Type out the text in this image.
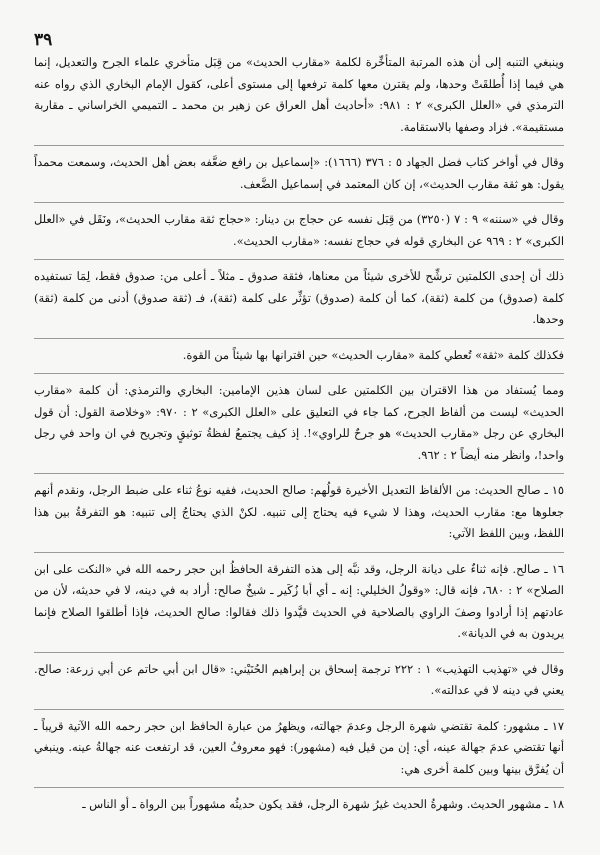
٣٩

وينبغي التنبه إلى أن هذه المرتبة المتأخِّرة لكلمة «مقارب الحديث» من قِبَل متأخري علماء الجرح والتعديل، إنما هي فيما إذا أُطلقَتْ وحدها، ولم يقترن معها كلمة ترفعها إلى مستوى أعلى، كقول الإمام البخاري الذي رواه عنه الترمذي في «العلل الكبرى» ٢ : ٩٨١: «أحاديث أهل العراق عن زهير بن محمد ـ التميمي الخراساني ـ مقاربة مستقيمة». فزاد وصفها بالاستقامة.

وقال في أواخر كتاب فضل الجهاد ٥ : ٣٧٦ (١٦٦٦): «إسماعيل بن رافع ضعَّفه بعض أهل الحديث، وسمعت محمداً يقول: هو ثقة مقارب الحديث»، إن كان المعتمد في إسماعيل الضَّعف.

وقال في «سننه» ٩ : ٧ (٣٢٥٠) من قِبَل نفسه عن حجاج بن دينار: «حجاج ثقة مقارب الحديث»، ونَقَل في «العلل الكبرى» ٢ : ٩٦٩ عن البخاري قوله في حجاج نفسه: «مقارب الحديث».

ذلك أن إحدى الكلمتين ترشِّح للأخرى شيئاً من معناها، فثقة صدوق ـ مثلاً ـ أعلى من: صدوق فقط، لِمَا تستفيده كلمة (صدوق) من كلمة (ثقة)، كما أن كلمة (صدوق) تؤثِّر على كلمة (ثقة)، فـ (ثقة صدوق) أدنى من كلمة (ثقة) وحدها.

فكذلك كلمة «ثقة» تُعطي كلمة «مقارب الحديث» حين اقترانها بها شيئاً من القوة.

ومما يُستفاد من هذا الاقتران بين الكلمتين على لسان هذين الإمامين: البخاري والترمذي: أن كلمة «مقارب الحديث» ليست من ألفاظ الجرح، كما جاء في التعليق على «العلل الكبرى» ٢ : ٩٧٠: «وخلاصة القول: أن قول البخاري عن رجل «مقارب الحديث» هو جرحٌ للراوي»!. إذ كيف يجتمعُ لفظةُ توثيقٍ وتجريح في ان واحد في رجل واحد!، وانظر منه أيضاً ٢ : ٩٦٢.

١٥ ـ صالح الحديث: من الألفاظ التعديل الأخيرة قولُهم: صالح الحديث، ففيه نوعُ ثناء على ضبط الرجل، ونقدم أنهم جعلوها مع: مقارب الحديث، وهذا لا شيء فيه يحتاج إلى تنبيه. لكنْ الذي يحتاجُ إلى تنبيه: هو التفرقةُ بين هذا اللفظ، وبين اللفظ الآتي:

١٦ ـ صالح. فإنه ثناءٌ على ديانة الرجل، وقد نبَّه إلى هذه التفرقة الحافظُ ابن حجر رحمه الله في «النكت على ابن الصلاح» ٢ : ٦٨٠، فإنه قال: «وقولُ الخليلي: إنه ـ أي أبا زُكَير ـ شيخٌ صالح: أراد به في دينه، لا في حديثه، لأن من عادتهم إذا أرادوا وصفَ الراوي بالصلاحية في الحديث قيَّدوا ذلك فقالوا: صالح الحديث، فإذا أطلقوا الصلاح فإنما يريدون به في الديانة».

وقال في «تهذيب التهذيب» ١ : ٢٢٢ ترجمة إسحاق بن إبراهيم الحُنَيْني: «قال ابن أبي حاتم عن أبي زرعة: صالح. يعني في دينه لا في عدالته».

١٧ ـ مشهور: كلمة تقتضي شهرة الرجل وعدمَ جهالته، ويظهرُ من عبارة الحافظ ابن حجر رحمه الله الآتية قريباً ـ أنها تقتضي عدمَ جهالة عينه، أي: إن من قيل فيه (مشهور): فهو معروفُ العين، قد ارتفعت عنه جهالةُ عينه. وينبغي أن يُفرَّق بينها وبين كلمة أخرى هي:

١٨ ـ مشهور الحديث. وشهرةُ الحديث غيرُ شهرة الرجل، فقد يكون حديثُه مشهوراً بين الرواة ـ أو الناس ـ
